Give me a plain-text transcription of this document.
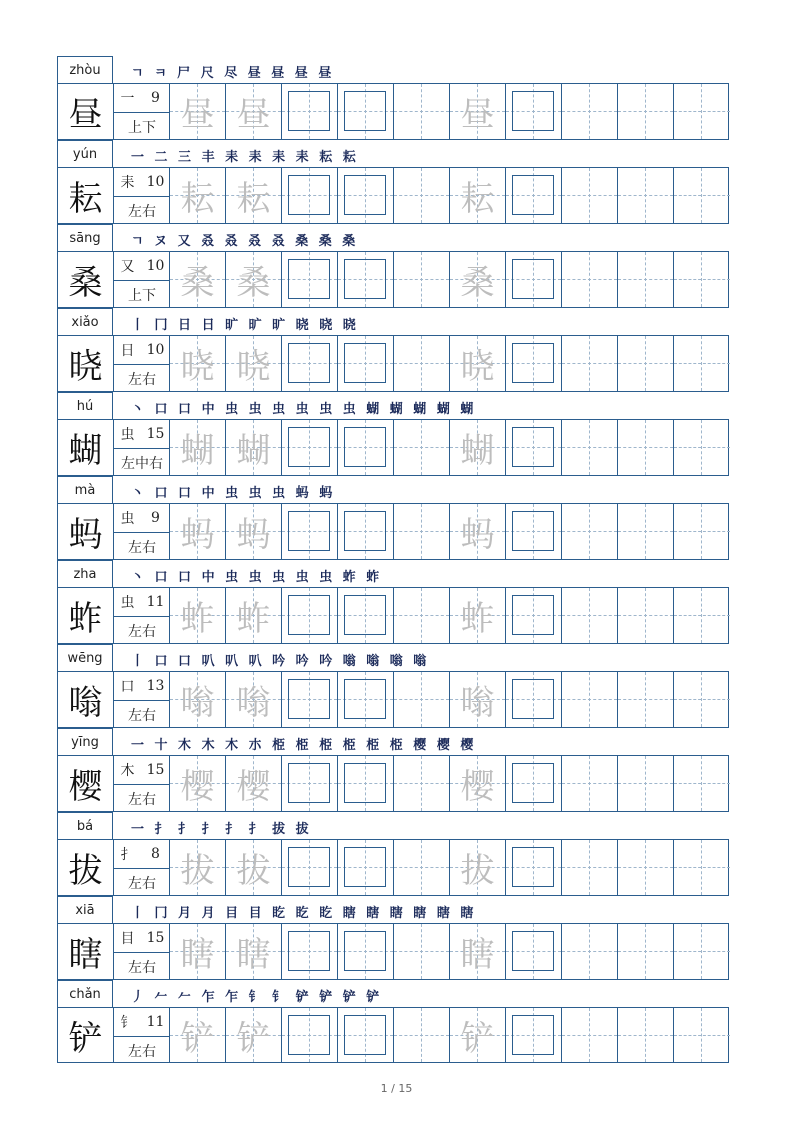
zhòu	ㄱ ㅋ 尸 尺 尽 昼 昼 昼 昼
昼	一	9
上下 昼 昼	昼
yún	一 二 三 丰 耒 耒 耒 耒 耘 耘
耘	耒 10
左右 耘 耘	耘
sāng	ㄱ ヌ 又 叒 叒 叒 叒 桑 桑 桑
桑	又 10
上下 桑 桑	桑
xiǎo	丨 冂 日 日 旷 旷 旷 晓 晓 晓
晓	日 10
左右 晓 晓	晓
hú	丶 口 口 中 虫 虫 虫 虫 虫 虫 蝴 蝴 蝴 蝴 蝴
蝴	虫 15
左中右 蝴 蝴	蝴
mà	丶 口 口 中 虫 虫 虫 蚂 蚂
蚂	虫	9
左右 蚂 蚂	蚂
zha	丶 口 口 中 虫 虫 虫 虫 虫 蚱 蚱
蚱	虫 11
左右 蚱 蚱	蚱
wēng	丨 口 口 叭 叭 叭 吟 吟 吟 嗡 嗡 嗡 嗡
嗡	口 13
左右 嗡 嗡	嗡
yīng	一 十 木 木 木 朩 栕 栕 栕 栕 栕 栕 樱 樱 樱
樱	木 15
左右 樱 樱	樱
bá	一 扌 扌 扌 扌 扌 拔 拔
拔	扌	8
左右 拔 拔	拔
xiā	丨 冂 月 月 目 目 盵 盵 盵 瞎 瞎 瞎 瞎 瞎 瞎
瞎	目 15
左右 瞎 瞎	瞎
chǎn	丿 𠂉 𠂉 乍 乍 钅 钅 铲 铲 铲 铲
铲	钅 11
左右 铲 铲	铲
1 / 15
